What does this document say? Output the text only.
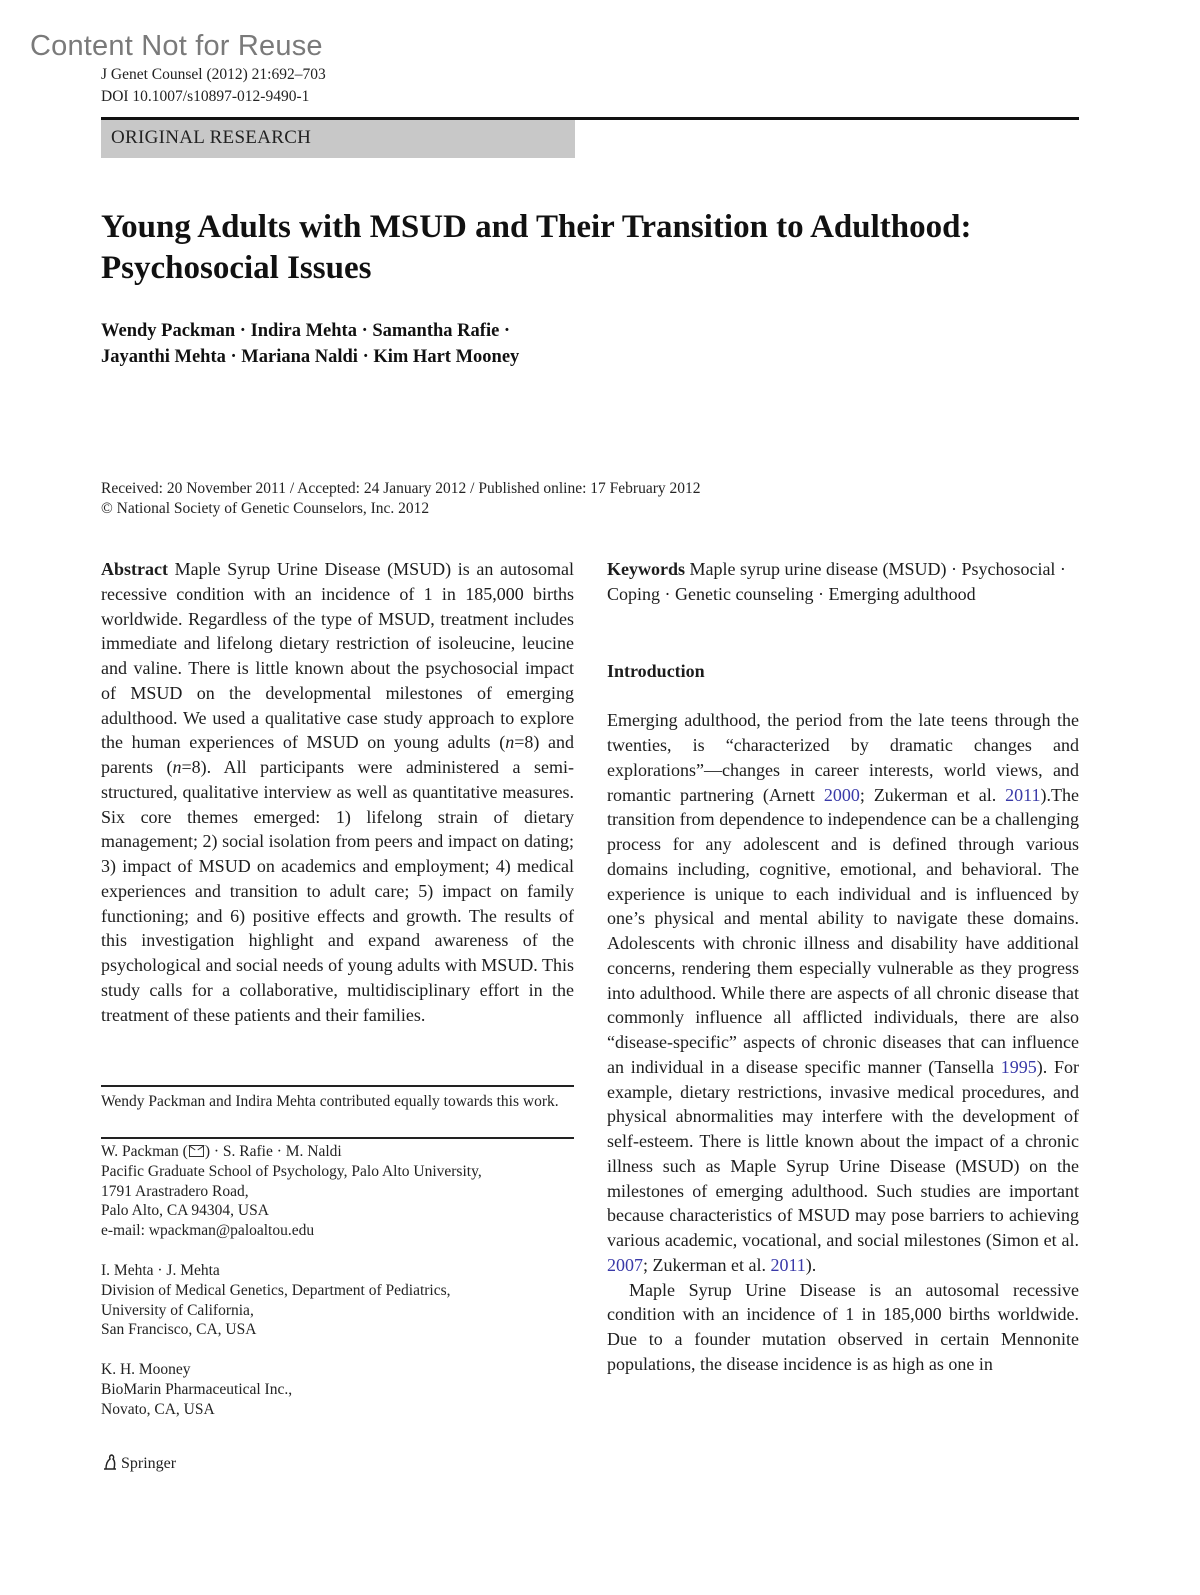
Content Not for Reuse
J Genet Counsel (2012) 21:692–703
DOI 10.1007/s10897-012-9490-1
ORIGINAL RESEARCH
Young Adults with MSUD and Their Transition to Adulthood:
Psychosocial Issues
Wendy Packman · Indira Mehta · Samantha Rafie ·
Jayanthi Mehta · Mariana Naldi · Kim Hart Mooney
Received: 20 November 2011 / Accepted: 24 January 2012 / Published online: 17 February 2012
© National Society of Genetic Counselors, Inc. 2012

Abstract Maple Syrup Urine Disease (MSUD) is an autosomal recessive condition with an incidence of 1 in 185,000 births worldwide. Regardless of the type of MSUD, treatment includes immediate and lifelong dietary restriction of isoleucine, leucine and valine. There is little known about the psychosocial impact of MSUD on the developmental milestones of emerging adulthood. We used a qualitative case study approach to explore the human experiences of MSUD on young adults (n=8) and parents (n=8). All participants were administered a semi-structured, qualitative interview as well as quantitative measures. Six core themes emerged: 1) lifelong strain of dietary management; 2) social isolation from peers and impact on dating; 3) impact of MSUD on academics and employment; 4) medical experiences and transition to adult care; 5) impact on family functioning; and 6) positive effects and growth. The results of this investigation highlight and expand awareness of the psychological and social needs of young adults with MSUD. This study calls for a collaborative, multidisciplinary effort in the treatment of these patients and their families.

Wendy Packman and Indira Mehta contributed equally towards this work.
W. Packman ( ) · S. Rafie · M. Naldi
Pacific Graduate School of Psychology, Palo Alto University,
1791 Arastradero Road,
Palo Alto, CA 94304, USA
e-mail: wpackman@paloaltou.edu
I. Mehta · J. Mehta
Division of Medical Genetics, Department of Pediatrics,
University of California,
San Francisco, CA, USA
K. H. Mooney
BioMarin Pharmaceutical Inc.,
Novato, CA, USA

Keywords Maple syrup urine disease (MSUD) · Psychosocial · Coping · Genetic counseling · Emerging adulthood

Introduction

Emerging adulthood, the period from the late teens through the twenties, is “characterized by dramatic changes and explorations”—changes in career interests, world views, and romantic partnering (Arnett 2000; Zukerman et al. 2011).The transition from dependence to independence can be a challenging process for any adolescent and is defined through various domains including, cognitive, emotional, and behavioral. The experience is unique to each individual and is influenced by one’s physical and mental ability to navigate these domains. Adolescents with chronic illness and disability have additional concerns, rendering them especially vulnerable as they progress into adulthood. While there are aspects of all chronic disease that commonly influence all afflicted individuals, there are also “disease-specific” aspects of chronic diseases that can influence an individual in a disease specific manner (Tansella 1995). For example, dietary restrictions, invasive medical procedures, and physical abnormalities may interfere with the development of self-esteem. There is little known about the impact of a chronic illness such as Maple Syrup Urine Disease (MSUD) on the milestones of emerging adulthood. Such studies are important because characteristics of MSUD may pose barriers to achieving various academic, vocational, and social milestones (Simon et al. 2007; Zukerman et al. 2011).

Maple Syrup Urine Disease is an autosomal recessive condition with an incidence of 1 in 185,000 births worldwide. Due to a founder mutation observed in certain Mennonite populations, the disease incidence is as high as one in

Springer
